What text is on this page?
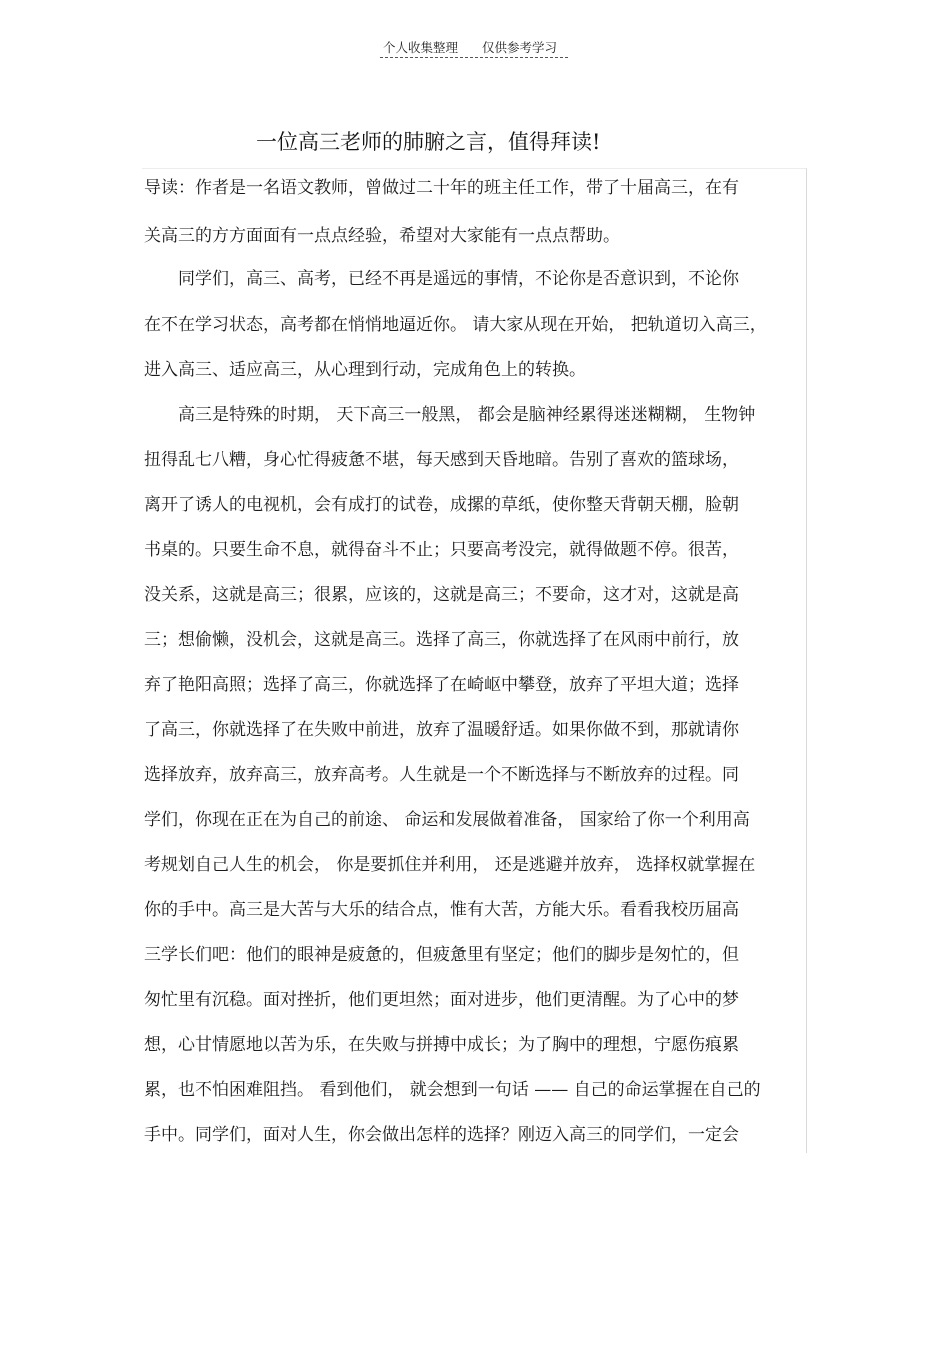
个人收集整理 仅供参考学习
一位高三老师的肺腑之言，值得拜读!
导读：作者是一名语文教师，曾做过二十年的班主任工作，带了十届高三，在有
关高三的方方面面有一点点经验，希望对大家能有一点点帮助。
　　同学们，高三、高考，已经不再是遥远的事情，不论你是否意识到，不论你
在不在学习状态，高考都在悄悄地逼近你。 请大家从现在开始， 把轨道切入高三，
进入高三、适应高三，从心理到行动，完成角色上的转换。
　　高三是特殊的时期， 天下高三一般黑， 都会是脑神经累得迷迷糊糊， 生物钟
扭得乱七八糟，身心忙得疲惫不堪，每天感到天昏地暗。告别了喜欢的篮球场，
离开了诱人的电视机，会有成打的试卷，成摞的草纸，使你整天背朝天棚，脸朝
书桌的。只要生命不息，就得奋斗不止；只要高考没完，就得做题不停。很苦，
没关系，这就是高三；很累，应该的，这就是高三；不要命，这才对，这就是高
三；想偷懒，没机会，这就是高三。选择了高三，你就选择了在风雨中前行，放
弃了艳阳高照；选择了高三，你就选择了在崎岖中攀登，放弃了平坦大道；选择
了高三，你就选择了在失败中前进，放弃了温暖舒适。如果你做不到，那就请你
选择放弃，放弃高三，放弃高考。人生就是一个不断选择与不断放弃的过程。同
学们，你现在正在为自己的前途、 命运和发展做着准备， 国家给了你一个利用高
考规划自己人生的机会， 你是要抓住并利用， 还是逃避并放弃， 选择权就掌握在
你的手中。高三是大苦与大乐的结合点，惟有大苦，方能大乐。看看我校历届高
三学长们吧：他们的眼神是疲惫的，但疲惫里有坚定；他们的脚步是匆忙的，但
匆忙里有沉稳。面对挫折，他们更坦然；面对进步，他们更清醒。为了心中的梦
想，心甘情愿地以苦为乐，在失败与拼搏中成长；为了胸中的理想，宁愿伤痕累
累，也不怕困难阻挡。 看到他们， 就会想到一句话 —— 自己的命运掌握在自己的
手中。同学们，面对人生，你会做出怎样的选择？刚迈入高三的同学们，一定会
